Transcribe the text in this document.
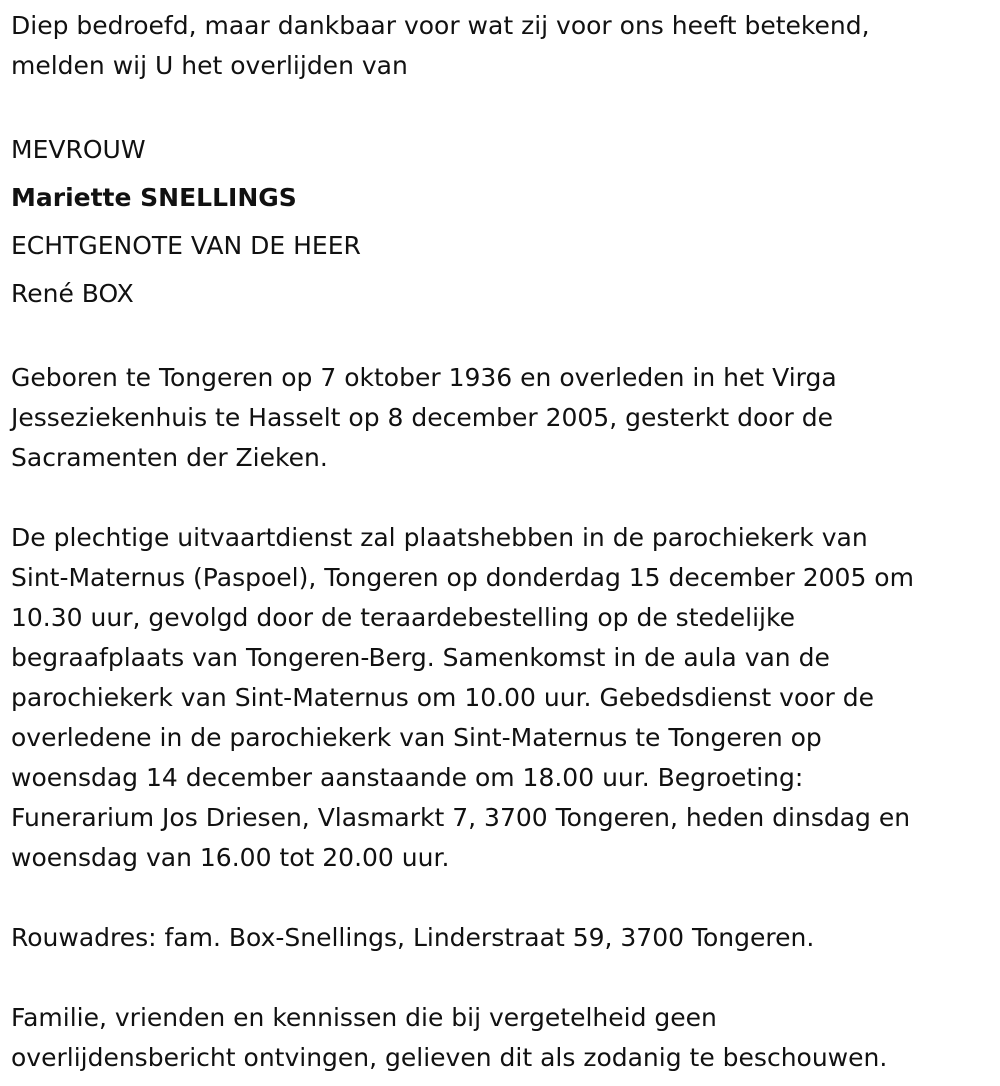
Diep bedroefd, maar dankbaar voor wat zij voor ons heeft betekend,

melden wij U het overlijden van

MEVROUW

Mariette SNELLINGS

ECHTGENOTE VAN DE HEER

René BOX

Geboren te Tongeren op 7 oktober 1936 en overleden in het Virga

Jesseziekenhuis te Hasselt op 8 december 2005, gesterkt door de

Sacramenten der Zieken.

De plechtige uitvaartdienst zal plaatshebben in de parochiekerk van

Sint-Maternus (Paspoel), Tongeren op donderdag 15 december 2005 om

10.30 uur, gevolgd door de teraardebestelling op de stedelijke

begraafplaats van Tongeren-Berg. Samenkomst in de aula van de

parochiekerk van Sint-Maternus om 10.00 uur. Gebedsdienst voor de

overledene in de parochiekerk van Sint-Maternus te Tongeren op

woensdag 14 december aanstaande om 18.00 uur. Begroeting:

Funerarium Jos Driesen, Vlasmarkt 7, 3700 Tongeren, heden dinsdag en

woensdag van 16.00 tot 20.00 uur.

Rouwadres: fam. Box-Snellings, Linderstraat 59, 3700 Tongeren.

Familie, vrienden en kennissen die bij vergetelheid geen

overlijdensbericht ontvingen, gelieven dit als zodanig te beschouwen.
